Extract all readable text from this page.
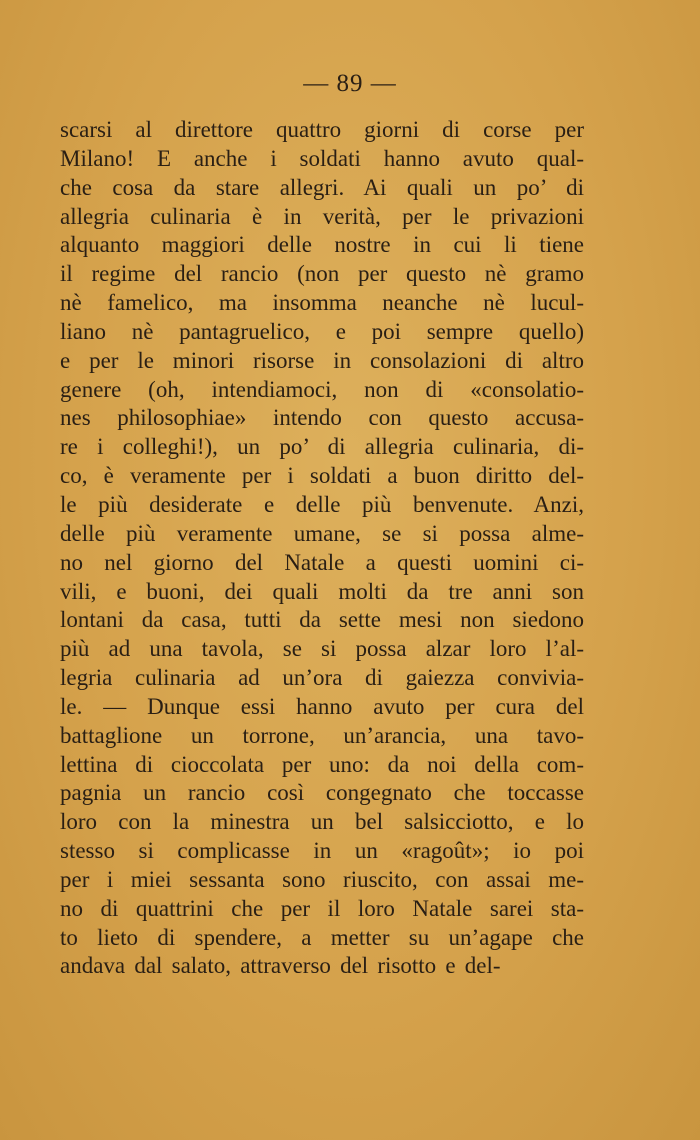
— 89 —
scarsi al direttore quattro giorni di corse per
Milano! E anche i soldati hanno avuto qual-
che cosa da stare allegri. Ai quali un po’ di
allegria culinaria è in verità, per le privazioni
alquanto maggiori delle nostre in cui li tiene
il regime del rancio (non per questo nè gramo
nè famelico, ma insomma neanche nè lucul-
liano nè pantagruelico, e poi sempre quello)
e per le minori risorse in consolazioni di altro
genere (oh, intendiamoci, non di «consolatio-
nes philosophiae» intendo con questo accusa-
re i colleghi!), un po’ di allegria culinaria, di-
co, è veramente per i soldati a buon diritto del-
le più desiderate e delle più benvenute. Anzi,
delle più veramente umane, se si possa alme-
no nel giorno del Natale a questi uomini ci-
vili, e buoni, dei quali molti da tre anni son
lontani da casa, tutti da sette mesi non siedono
più ad una tavola, se si possa alzar loro l’al-
legria culinaria ad un’ora di gaiezza convivia-
le. — Dunque essi hanno avuto per cura del
battaglione un torrone, un’arancia, una tavo-
lettina di cioccolata per uno: da noi della com-
pagnia un rancio così congegnato che toccasse
loro con la minestra un bel salsicciotto, e lo
stesso si complicasse in un «ragoût»; io poi
per i miei sessanta sono riuscito, con assai me-
no di quattrini che per il loro Natale sarei sta-
to lieto di spendere, a metter su un’agape che
andava dal salato, attraverso del risotto e del-
